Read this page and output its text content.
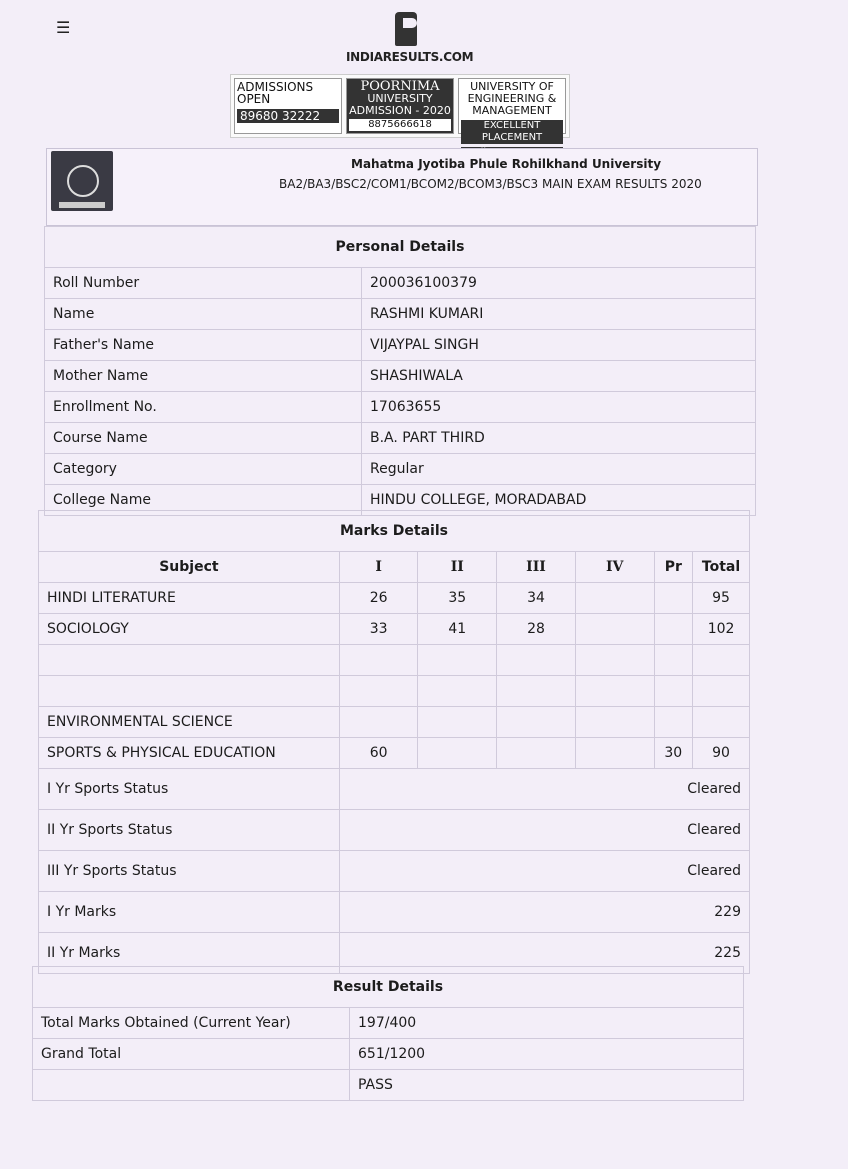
☰
INDIARESULTS.COM
ADMISSIONS
OPEN
89680 32222
POORNIMA
UNIVERSITY
ADMISSION - 2020
8875666618
UNIVERSITY OF
ENGINEERING &
MANAGEMENT
EXCELLENT PLACEMENT
Mahatma Jyotiba Phule Rohilkhand University
BA2/BA3/BSC2/COM1/BCOM2/BCOM3/BSC3 MAIN EXAM RESULTS 2020
Personal Details	
Roll Number	200036100379
Name	RASHMI KUMARI
Father's Name	VIJAYPAL SINGH
Mother Name	SHASHIWALA
Enrollment No.	17063655
Course Name	B.A. PART THIRD
Category	Regular
College Name	HINDU COLLEGE, MORADABAD
Marks Details						
Subject	I	II	III	IV	Pr	Total
HINDI LITERATURE	26	35	34			95
SOCIOLOGY	33	41	28			102

ENVIRONMENTAL SCIENCE						
SPORTS & PHYSICAL EDUCATION	60				30	90
I Yr Sports Status	Cleared					
II Yr Sports Status	Cleared					
III Yr Sports Status	Cleared					
I Yr Marks	229					
II Yr Marks	225					
Result Details	
Total Marks Obtained (Current Year)	197/400
Grand Total	651/1200
	PASS
